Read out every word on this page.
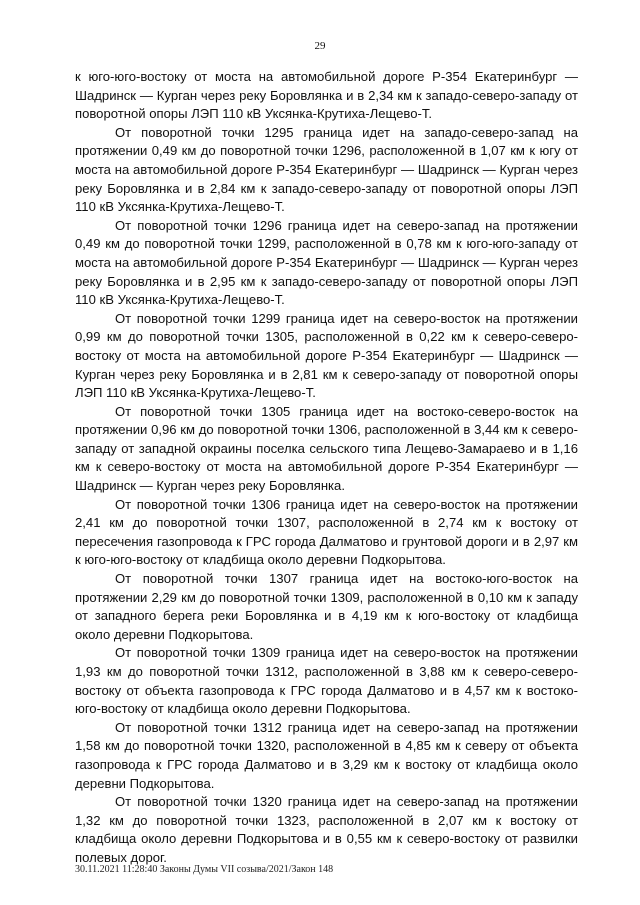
29

к юго-юго-востоку от моста на автомобильной дороге Р-354 Екатеринбург — Шадринск — Курган через реку Боровлянка и в 2,34 км к западо-северо-западу от поворотной опоры ЛЭП 110 кВ Уксянка-Крутиха-Лещево-Т.

От поворотной точки 1295 граница идет на западо-северо-запад на протяжении 0,49 км до поворотной точки 1296, расположенной в 1,07 км к югу от моста на автомобильной дороге Р-354 Екатеринбург — Шадринск — Курган через реку Боровлянка и в 2,84 км к западо-северо-западу от поворотной опоры ЛЭП 110 кВ Уксянка-Крутиха-Лещево-Т.

От поворотной точки 1296 граница идет на северо-запад на протяжении 0,49 км до поворотной точки 1299, расположенной в 0,78 км к юго-юго-западу от моста на автомобильной дороге Р-354 Екатеринбург — Шадринск — Курган через реку Боровлянка и в 2,95 км к западо-северо-западу от поворотной опоры ЛЭП 110 кВ Уксянка-Крутиха-Лещево-Т.

От поворотной точки 1299 граница идет на северо-восток на протяжении 0,99 км до поворотной точки 1305, расположенной в 0,22 км к северо-северо-востоку от моста на автомобильной дороге Р-354 Екатеринбург — Шадринск — Курган через реку Боровлянка и в 2,81 км к северо-западу от поворотной опоры ЛЭП 110 кВ Уксянка-Крутиха-Лещево-Т.

От поворотной точки 1305 граница идет на востоко-северо-восток на протяжении 0,96 км до поворотной точки 1306, расположенной в 3,44 км к северо-западу от западной окраины поселка сельского типа Лещево-Замараево и в 1,16 км к северо-востоку от моста на автомобильной дороге Р-354 Екатеринбург — Шадринск — Курган через реку Боровлянка.

От поворотной точки 1306 граница идет на северо-восток на протяжении 2,41 км до поворотной точки 1307, расположенной в 2,74 км к востоку от пересечения газопровода к ГРС города Далматово и грунтовой дороги и в 2,97 км к юго-юго-востоку от кладбища около деревни Подкорытова.

От поворотной точки 1307 граница идет на востоко-юго-восток на протяжении 2,29 км до поворотной точки 1309, расположенной в 0,10 км к западу от западного берега реки Боровлянка и в 4,19 км к юго-востоку от кладбища около деревни Подкорытова.

От поворотной точки 1309 граница идет на северо-восток на протяжении 1,93 км до поворотной точки 1312, расположенной в 3,88 км к северо-северо-востоку от объекта газопровода к ГРС города Далматово и в 4,57 км к востоко-юго-востоку от кладбища около деревни Подкорытова.

От поворотной точки 1312 граница идет на северо-запад на протяжении 1,58 км до поворотной точки 1320, расположенной в 4,85 км к северу от объекта газопровода к ГРС города Далматово и в 3,29 км к востоку от кладбища около деревни Подкорытова.

От поворотной точки 1320 граница идет на северо-запад на протяжении 1,32 км до поворотной точки 1323, расположенной в 2,07 км к востоку от кладбища около деревни Подкорытова и в 0,55 км к северо-востоку от развилки полевых дорог.

30.11.2021 11:28:40 Законы Думы VII созыва/2021/Закон 148
